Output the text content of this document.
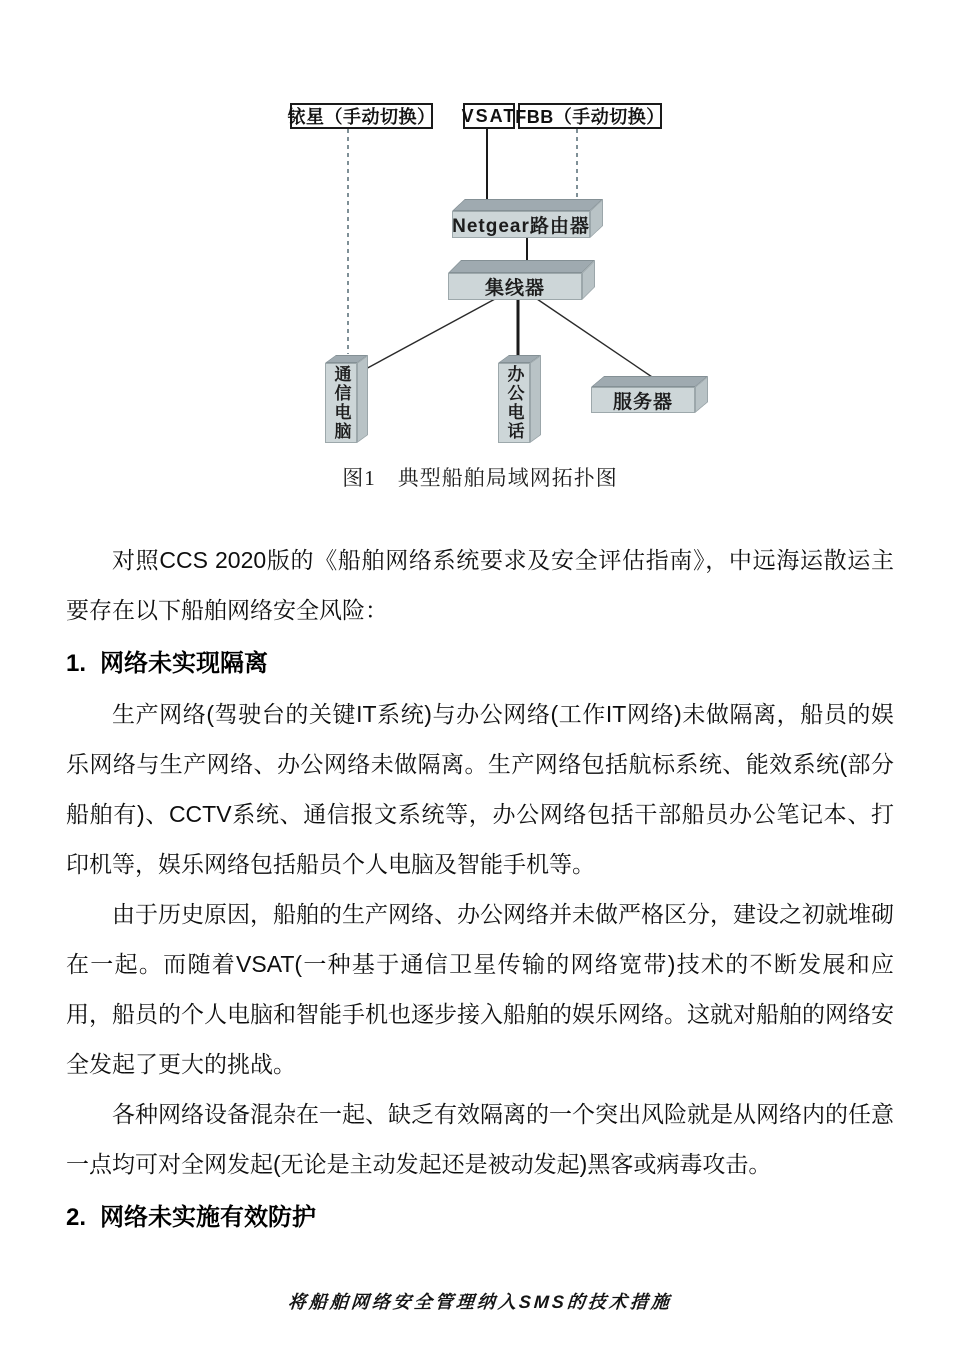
铱星（手动切换） VSAT
FBB（手动切换）
Netgear路由器
集线器
通信电脑	办公电话	服务器
图1　典型船舶局域网拓扑图

对照CCS 2020版的《船舶网络系统要求及安全评估指南》，中远海运散运主要存在以下船舶网络安全风险：

1. 网络未实现隔离

生产网络(驾驶台的关键IT系统)与办公网络(工作IT网络)未做隔离，船员的娱乐网络与生产网络、办公网络未做隔离。生产网络包括航标系统、能效系统(部分船舶有)、CCTV系统、通信报文系统等，办公网络包括干部船员办公笔记本、打印机等，娱乐网络包括船员个人电脑及智能手机等。

由于历史原因，船舶的生产网络、办公网络并未做严格区分，建设之初就堆砌在一起。而随着VSAT(一种基于通信卫星传输的网络宽带)技术的不断发展和应用，船员的个人电脑和智能手机也逐步接入船舶的娱乐网络。这就对船舶的网络安全发起了更大的挑战。

各种网络设备混杂在一起、缺乏有效隔离的一个突出风险就是从网络内的任意一点均可对全网发起(无论是主动发起还是被动发起)黑客或病毒攻击。

2. 网络未实施有效防护
将船舶网络安全管理纳入SMS的技术措施
